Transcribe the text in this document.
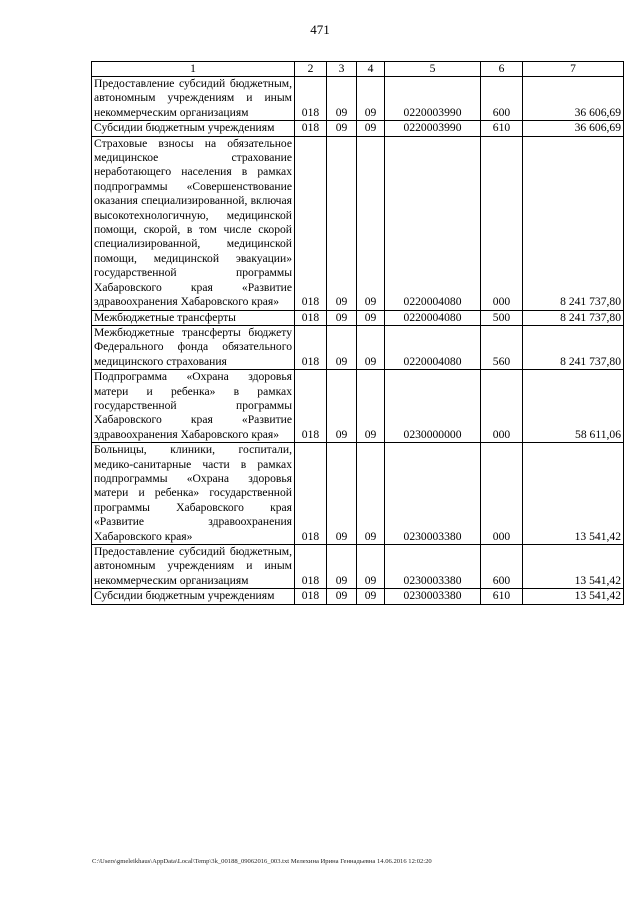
471
1	2	3	4	5	6	7
Предоставление субсидий бюджетным, автономным учреждениям и иным некоммерческим организациям	018	09	09	0220003990	600	36 606,69
Субсидии бюджетным учреждениям	018	09	09	0220003990	610	36 606,69
Страховые взносы на обязательное медицинское страхование неработающего населения в рамках подпрограммы «Совершенствование оказания специализированной, включая высокотехнологичную, медицинской помощи, скорой, в том числе скорой специализированной, медицинской помощи, медицинской эвакуации» государственной программы Хабаровского края «Развитие здравоохранения Хабаровского края»	018	09	09	0220004080	000	8 241 737,80
Межбюджетные трансферты	018	09	09	0220004080	500	8 241 737,80
Межбюджетные трансферты бюджету Федерального фонда обязательного медицинского страхования	018	09	09	0220004080	560	8 241 737,80
Подпрограмма «Охрана здоровья матери и ребенка» в рамках государственной программы Хабаровского края «Развитие здравоохранения Хабаровского края»	018	09	09	0230000000	000	58 611,06
Больницы, клиники, госпитали, медико-санитарные части в рамках подпрограммы «Охрана здоровья матери и ребенка» государственной программы Хабаровского края «Развитие здравоохранения Хабаровского края»	018	09	09	0230003380	000	13 541,42
Предоставление субсидий бюджетным, автономным учреждениям и иным некоммерческим организациям	018	09	09	0230003380	600	13 541,42
Субсидии бюджетным учреждениям	018	09	09	0230003380	610	13 541,42
C:\Users\gmeleikhaus\AppData\Local\Temp\3k_00188_09062016_003.txt Мелехина Ирина Геннадьевна 14.06.2016 12:02:20
